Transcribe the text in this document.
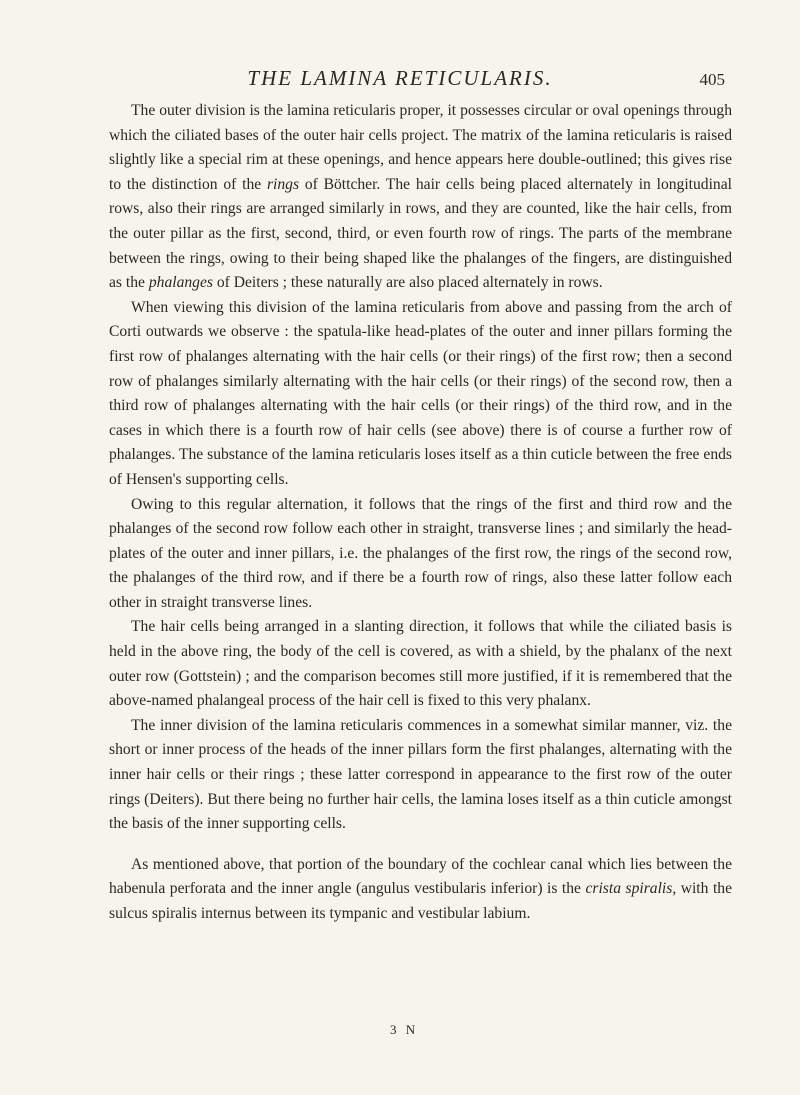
THE LAMINA RETICULARIS.	405

The outer division is the lamina reticularis proper, it possesses circular or oval openings through which the ciliated bases of the outer hair cells project. The matrix of the lamina reticularis is raised slightly like a special rim at these openings, and hence appears here double-outlined; this gives rise to the distinction of the rings of Böttcher. The hair cells being placed alternately in longitudinal rows, also their rings are arranged similarly in rows, and they are counted, like the hair cells, from the outer pillar as the first, second, third, or even fourth row of rings. The parts of the membrane between the rings, owing to their being shaped like the phalanges of the fingers, are distinguished as the phalanges of Deiters ; these naturally are also placed alternately in rows.

When viewing this division of the lamina reticularis from above and passing from the arch of Corti outwards we observe : the spatula-like head-plates of the outer and inner pillars forming the first row of phalanges alternating with the hair cells (or their rings) of the first row; then a second row of phalanges similarly alternating with the hair cells (or their rings) of the second row, then a third row of phalanges alternating with the hair cells (or their rings) of the third row, and in the cases in which there is a fourth row of hair cells (see above) there is of course a further row of phalanges. The substance of the lamina reticularis loses itself as a thin cuticle between the free ends of Hensen's supporting cells.

Owing to this regular alternation, it follows that the rings of the first and third row and the phalanges of the second row follow each other in straight, transverse lines ; and similarly the head-plates of the outer and inner pillars, i.e. the phalanges of the first row, the rings of the second row, the phalanges of the third row, and if there be a fourth row of rings, also these latter follow each other in straight transverse lines.

The hair cells being arranged in a slanting direction, it follows that while the ciliated basis is held in the above ring, the body of the cell is covered, as with a shield, by the phalanx of the next outer row (Gottstein) ; and the comparison becomes still more justified, if it is remembered that the above-named phalangeal process of the hair cell is fixed to this very phalanx.

The inner division of the lamina reticularis commences in a somewhat similar manner, viz. the short or inner process of the heads of the inner pillars form the first phalanges, alternating with the inner hair cells or their rings ; these latter correspond in appearance to the first row of the outer rings (Deiters). But there being no further hair cells, the lamina loses itself as a thin cuticle amongst the basis of the inner supporting cells.

As mentioned above, that portion of the boundary of the cochlear canal which lies between the habenula perforata and the inner angle (angulus vestibularis inferior) is the crista spiralis, with the sulcus spiralis internus between its tympanic and vestibular labium.

3 N
